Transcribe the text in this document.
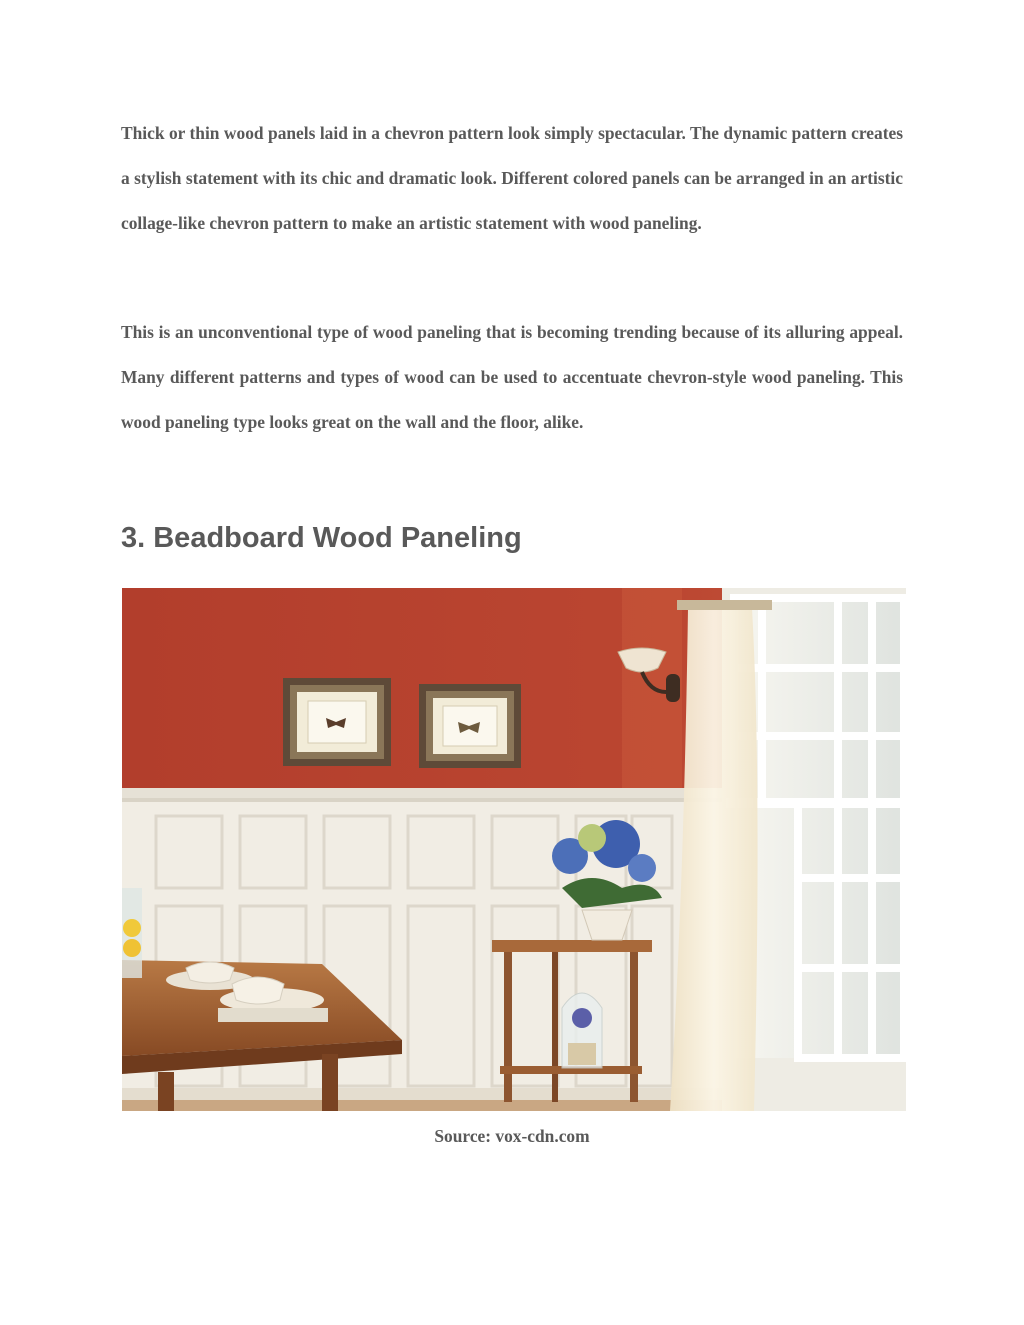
Thick or thin wood panels laid in a chevron pattern look simply spectacular. The dynamic pattern creates a stylish statement with its chic and dramatic look. Different colored panels can be arranged in an artistic collage-like chevron pattern to make an artistic statement with wood paneling.

This is an unconventional type of wood paneling that is becoming trending because of its alluring appeal. Many different patterns and types of wood can be used to accentuate chevron-style wood paneling. This wood paneling type looks great on the wall and the floor, alike.

3. Beadboard Wood Paneling

Source: vox-cdn.com
